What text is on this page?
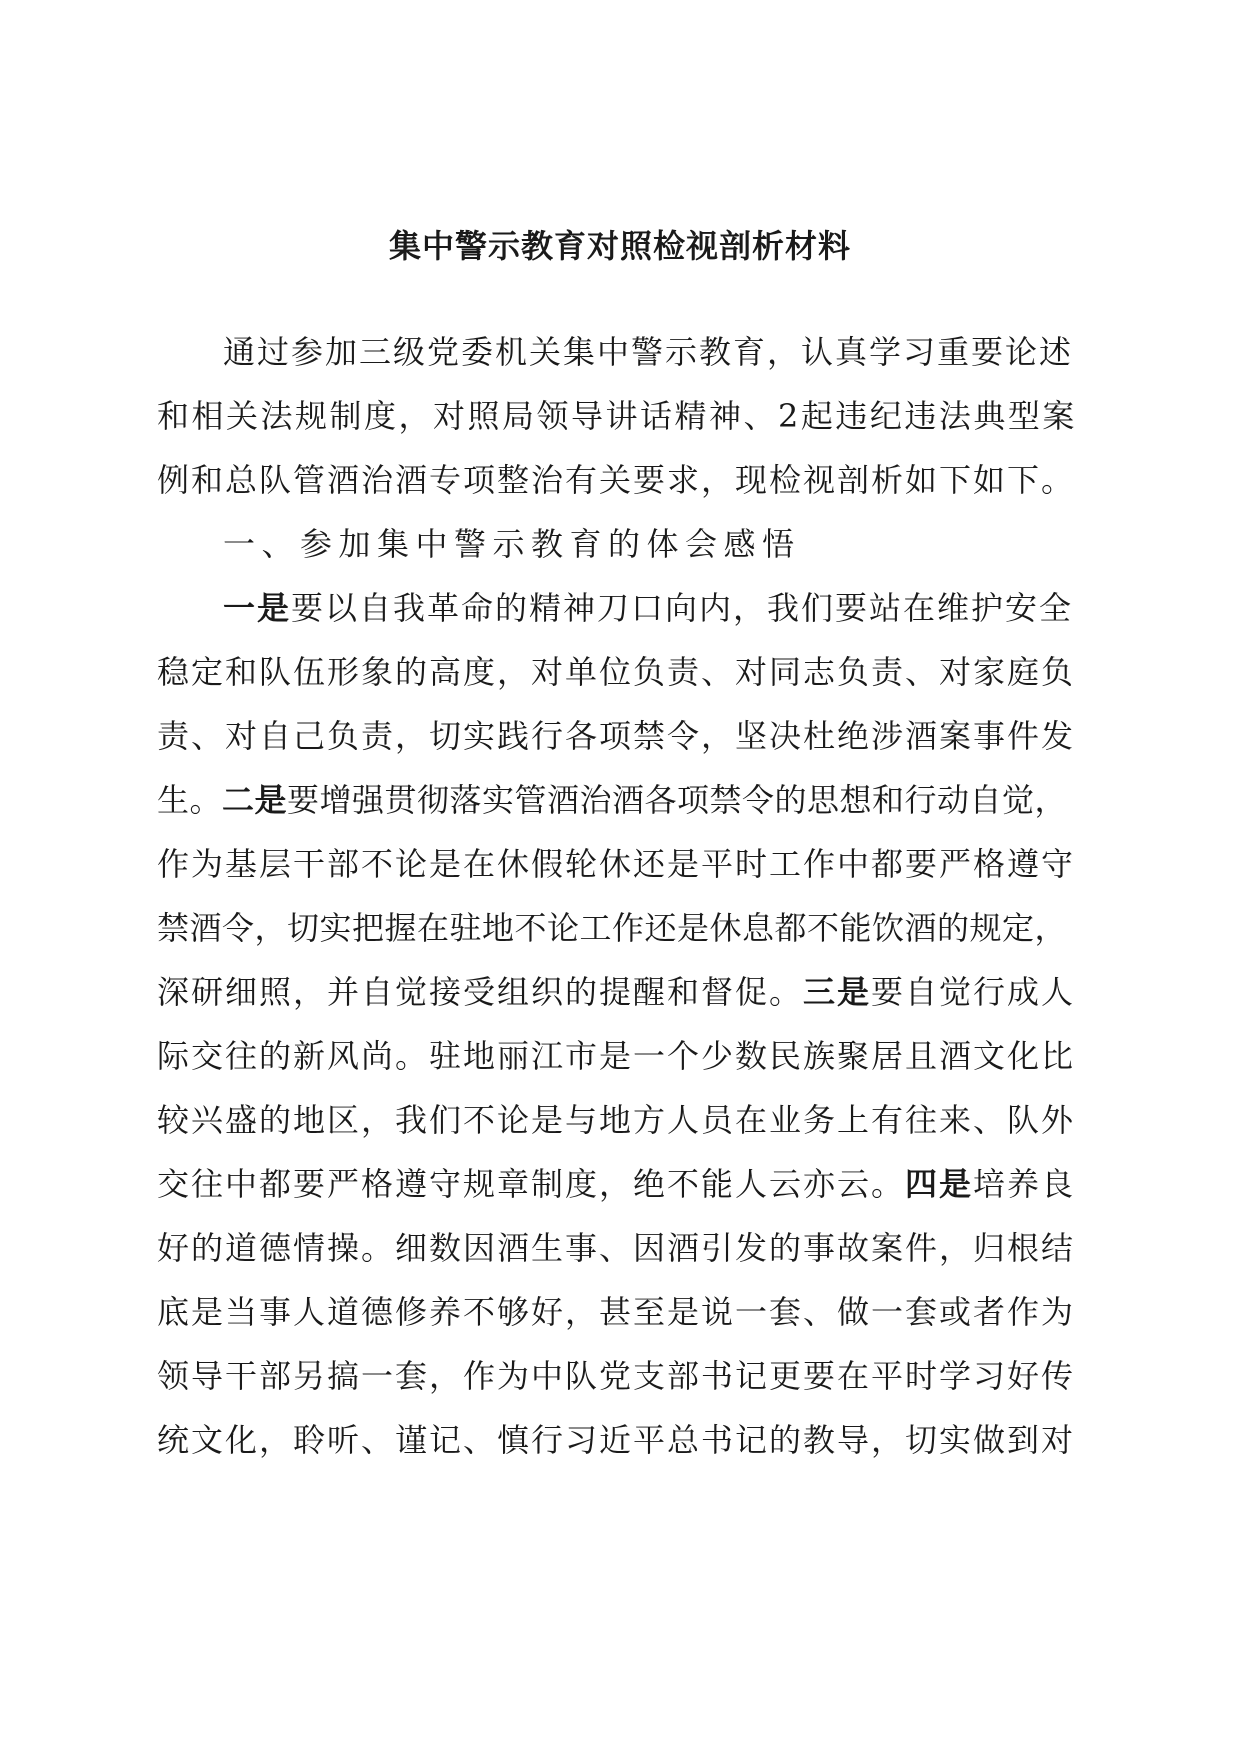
集中警示教育对照检视剖析材料
通过参加三级党委机关集中警示教育，认真学习重要论述
和相关法规制度，对照局领导讲话精神、2起违纪违法典型案
例和总队管酒治酒专项整治有关要求，现检视剖析如下如下。
一、参加集中警示教育的体会感悟
一是要以自我革命的精神刀口向内，我们要站在维护安全
稳定和队伍形象的高度，对单位负责、对同志负责、对家庭负
责、对自己负责，切实践行各项禁令，坚决杜绝涉酒案事件发
生。二是要增强贯彻落实管酒治酒各项禁令的思想和行动自觉，
作为基层干部不论是在休假轮休还是平时工作中都要严格遵守
禁酒令，切实把握在驻地不论工作还是休息都不能饮酒的规定，
深研细照，并自觉接受组织的提醒和督促。三是要自觉行成人
际交往的新风尚。驻地丽江市是一个少数民族聚居且酒文化比
较兴盛的地区，我们不论是与地方人员在业务上有往来、队外
交往中都要严格遵守规章制度，绝不能人云亦云。四是培养良
好的道德情操。细数因酒生事、因酒引发的事故案件，归根结
底是当事人道德修养不够好，甚至是说一套、做一套或者作为
领导干部另搞一套，作为中队党支部书记更要在平时学习好传
统文化，聆听、谨记、慎行习近平总书记的教导，切实做到对
